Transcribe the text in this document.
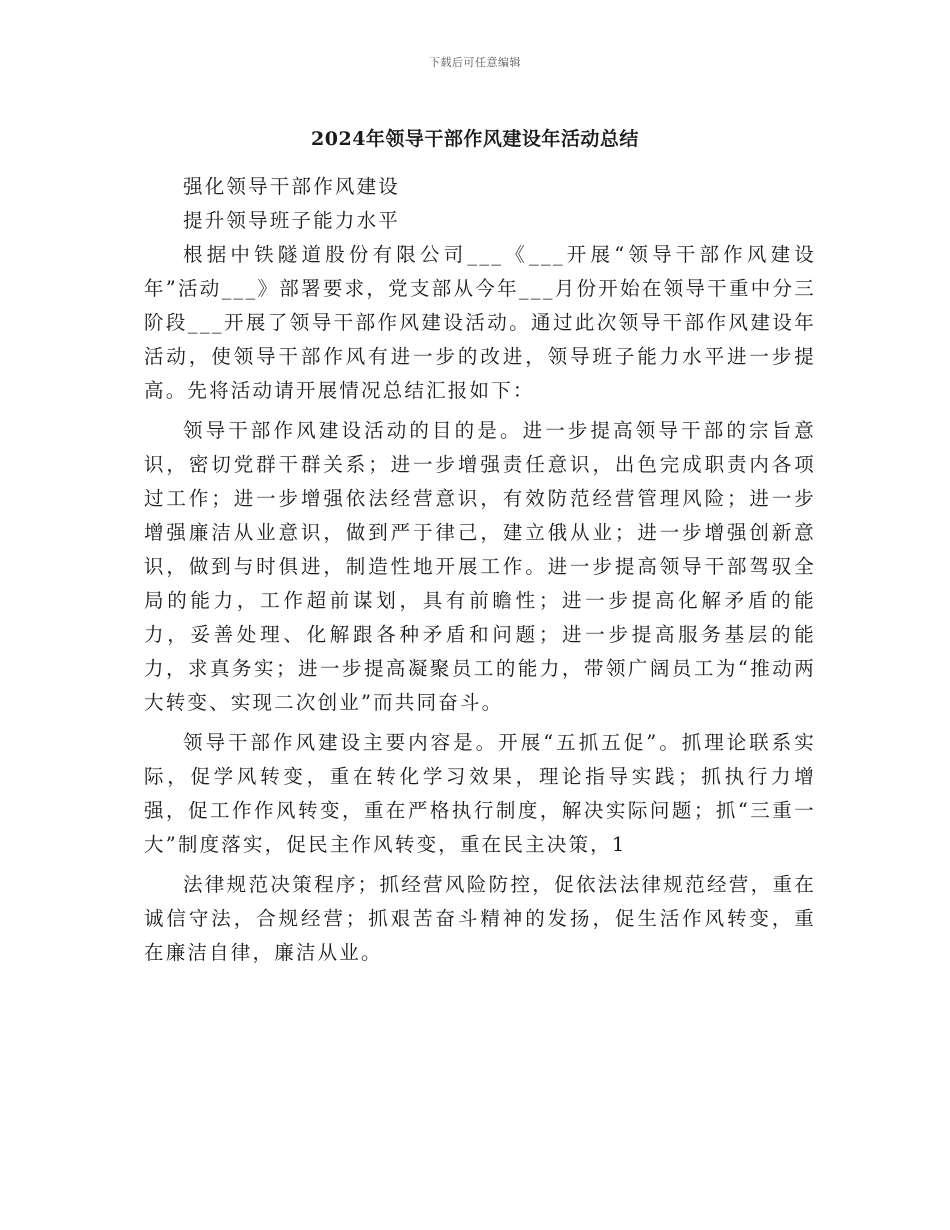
下载后可任意编辑
2024年领导干部作风建设年活动总结

强化领导干部作风建设

提升领导班子能力水平

根据中铁隧道股份有限公司___《___开展“领导干部作风建设年”活动___》部署要求，党支部从今年___月份开始在领导干重中分三阶段___开展了领导干部作风建设活动。通过此次领导干部作风建设年活动，使领导干部作风有进一步的改进，领导班子能力水平进一步提高。先将活动请开展情况总结汇报如下：

领导干部作风建设活动的目的是。进一步提高领导干部的宗旨意识，密切党群干群关系；进一步增强责任意识，出色完成职责内各项过工作；进一步增强依法经营意识，有效防范经营管理风险；进一步增强廉洁从业意识，做到严于律己，建立俄从业；进一步增强创新意识，做到与时俱进，制造性地开展工作。进一步提高领导干部驾驭全局的能力，工作超前谋划，具有前瞻性；进一步提高化解矛盾的能力，妥善处理、化解跟各种矛盾和问题；进一步提高服务基层的能力，求真务实；进一步提高凝聚员工的能力，带领广阔员工为“推动两大转变、实现二次创业”而共同奋斗。

领导干部作风建设主要内容是。开展“五抓五促”。抓理论联系实际，促学风转变，重在转化学习效果，理论指导实践；抓执行力增强，促工作作风转变，重在严格执行制度，解决实际问题；抓“三重一大”制度落实，促民主作风转变，重在民主决策，1

法律规范决策程序；抓经营风险防控，促依法法律规范经营，重在诚信守法，合规经营；抓艰苦奋斗精神的发扬，促生活作风转变，重在廉洁自律，廉洁从业。
